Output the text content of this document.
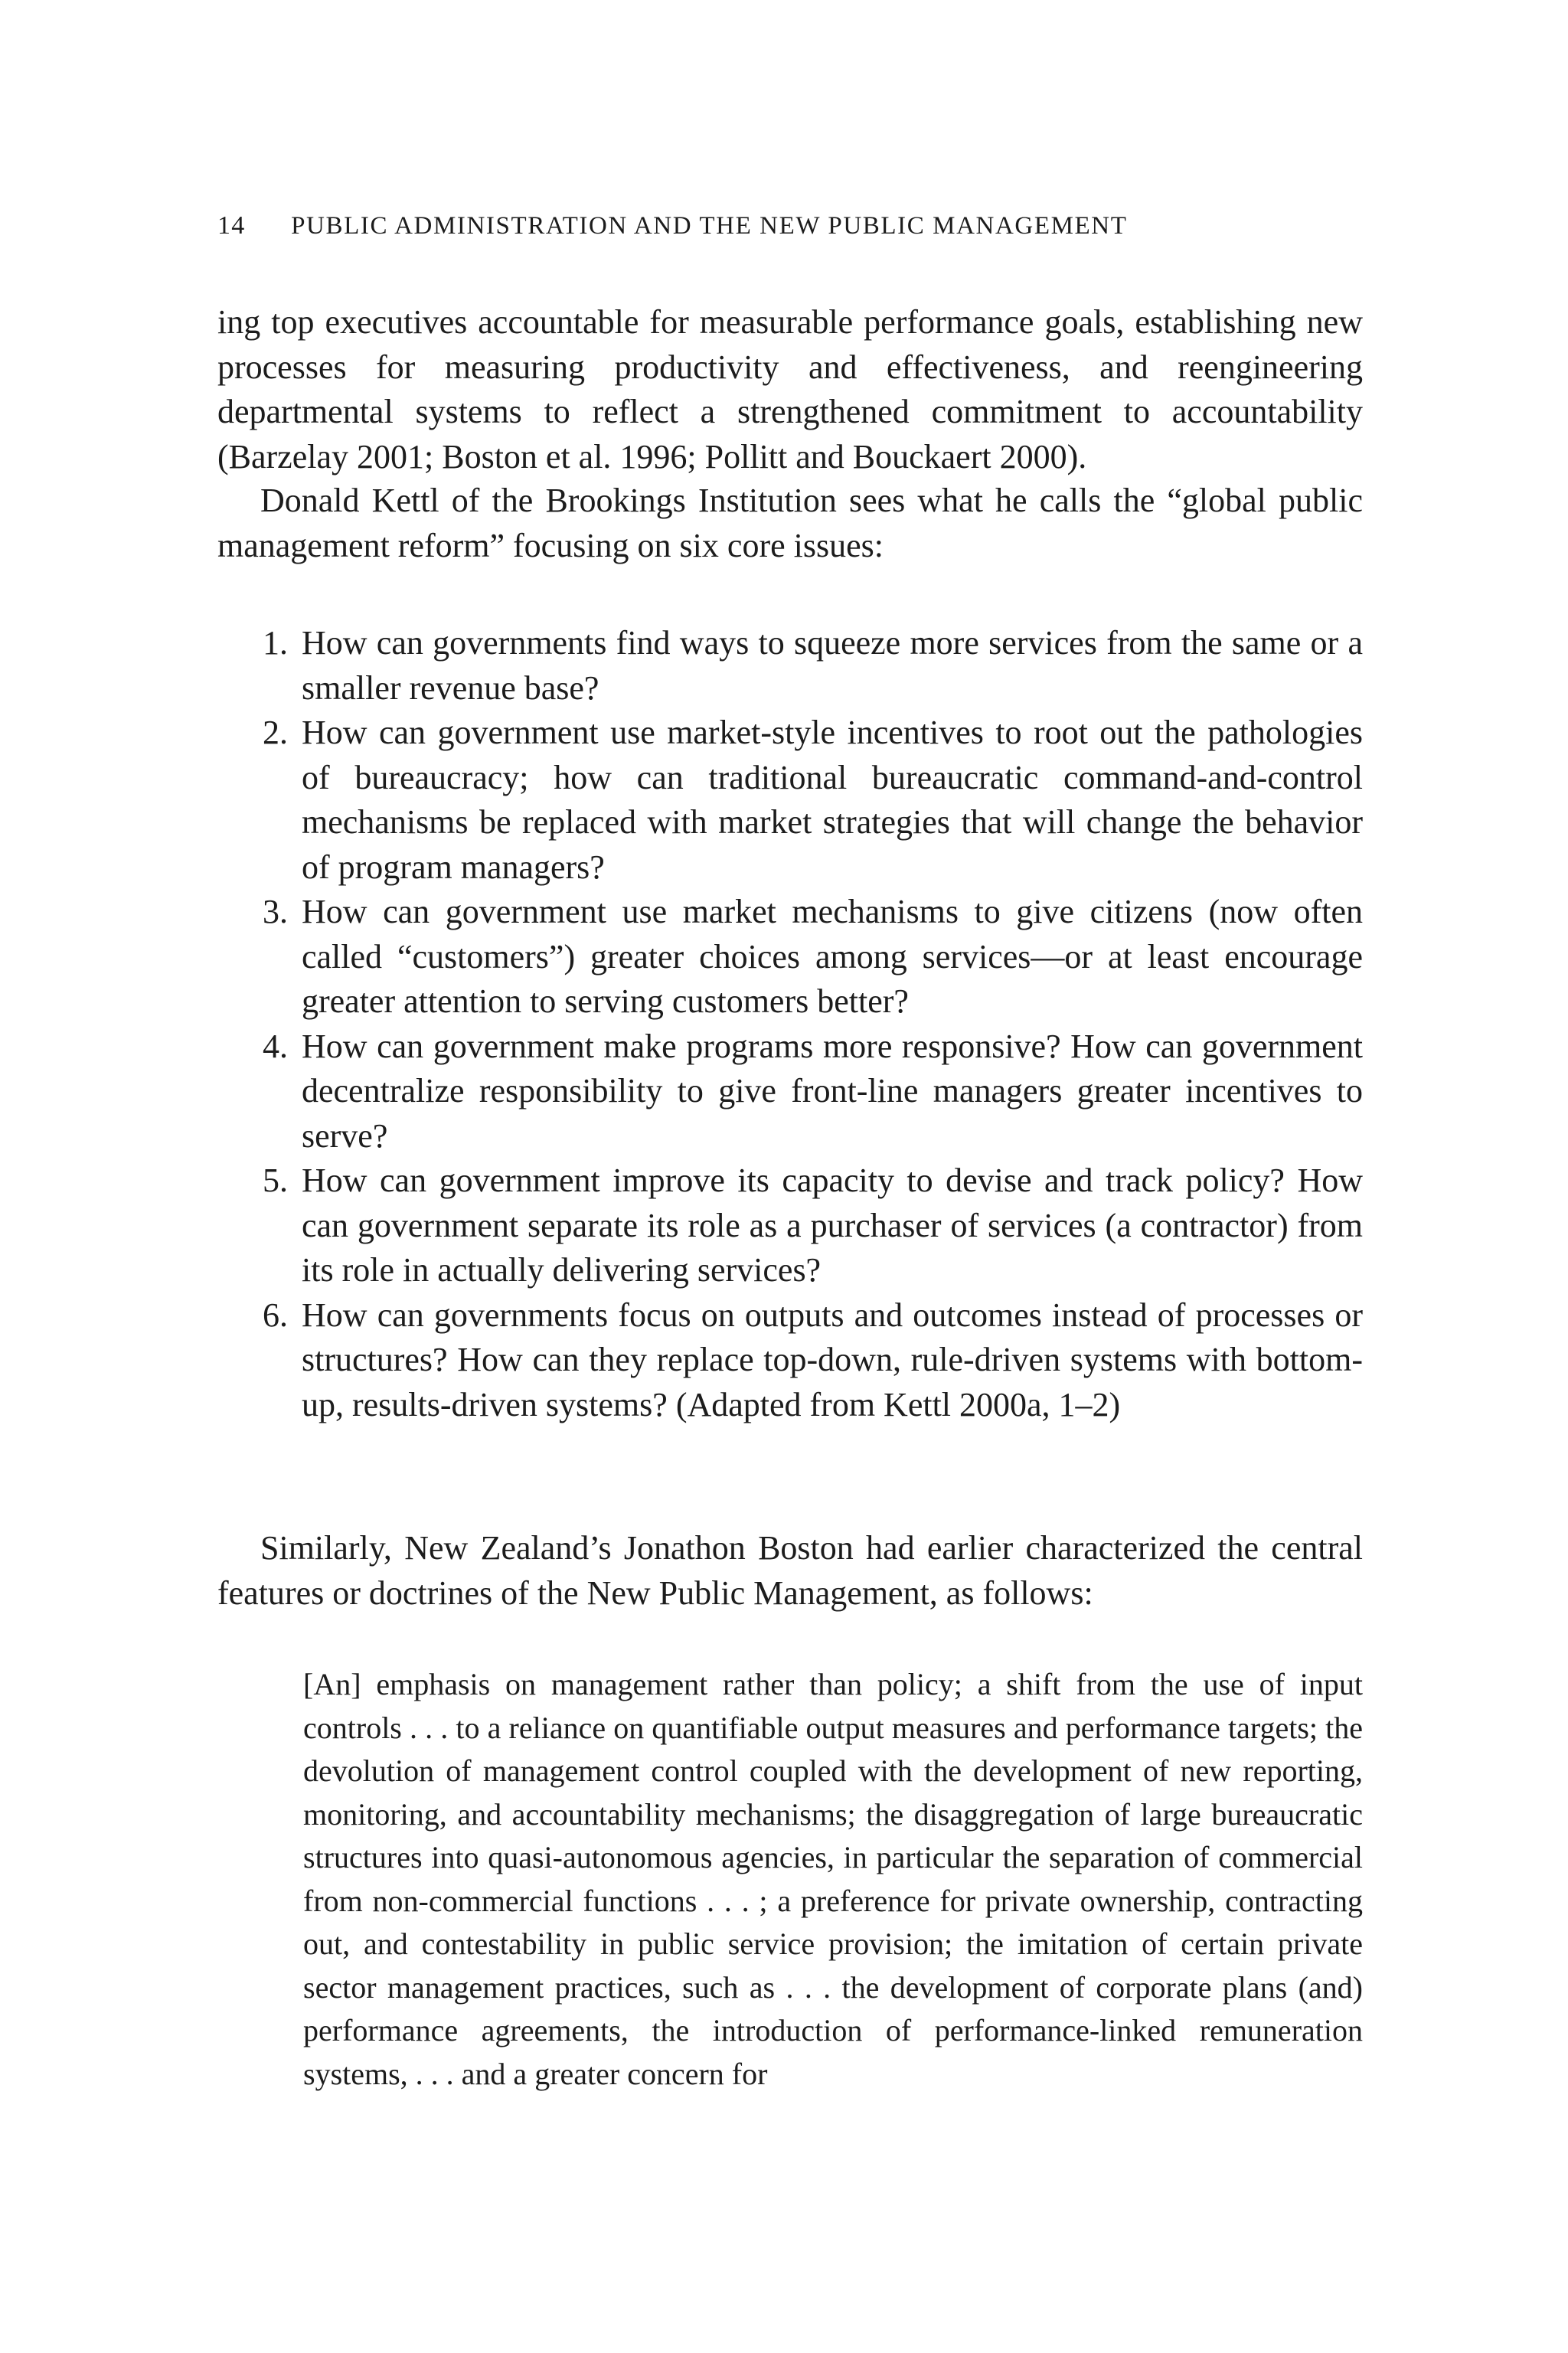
14 PUBLIC ADMINISTRATION AND THE NEW PUBLIC MANAGEMENT

ing top executives accountable for measurable performance goals, establishing new processes for measuring productivity and effectiveness, and reengineering departmental systems to reflect a strengthened commitment to accountability (Barzelay 2001; Boston et al. 1996; Pollitt and Bouckaert 2000).

Donald Kettl of the Brookings Institution sees what he calls the “global public management reform” focusing on six core issues:

1. How can governments find ways to squeeze more services from the same or a smaller revenue base?
2. How can government use market-style incentives to root out the pathologies of bureaucracy; how can traditional bureaucratic command-and-control mechanisms be replaced with market strategies that will change the behavior of program managers?
3. How can government use market mechanisms to give citizens (now often called “customers”) greater choices among services—or at least encourage greater attention to serving customers better?
4. How can government make programs more responsive? How can government decentralize responsibility to give front-line managers greater incentives to serve?
5. How can government improve its capacity to devise and track policy? How can government separate its role as a purchaser of services (a contractor) from its role in actually delivering services?
6. How can governments focus on outputs and outcomes instead of processes or structures? How can they replace top-down, rule-driven systems with bottom-up, results-driven systems? (Adapted from Kettl 2000a, 1–2)

Similarly, New Zealand’s Jonathon Boston had earlier characterized the central features or doctrines of the New Public Management, as follows:

[An] emphasis on management rather than policy; a shift from the use of input controls . . . to a reliance on quantifiable output measures and performance targets; the devolution of management control coupled with the development of new reporting, monitoring, and accountability mechanisms; the disaggregation of large bureaucratic structures into quasi-autonomous agencies, in particular the separation of commercial from non-commercial functions . . . ; a preference for private ownership, contracting out, and contestability in public service provision; the imitation of certain private sector management practices, such as . . . the development of corporate plans (and) performance agreements, the introduction of performance-linked remuneration systems, . . . and a greater concern for
